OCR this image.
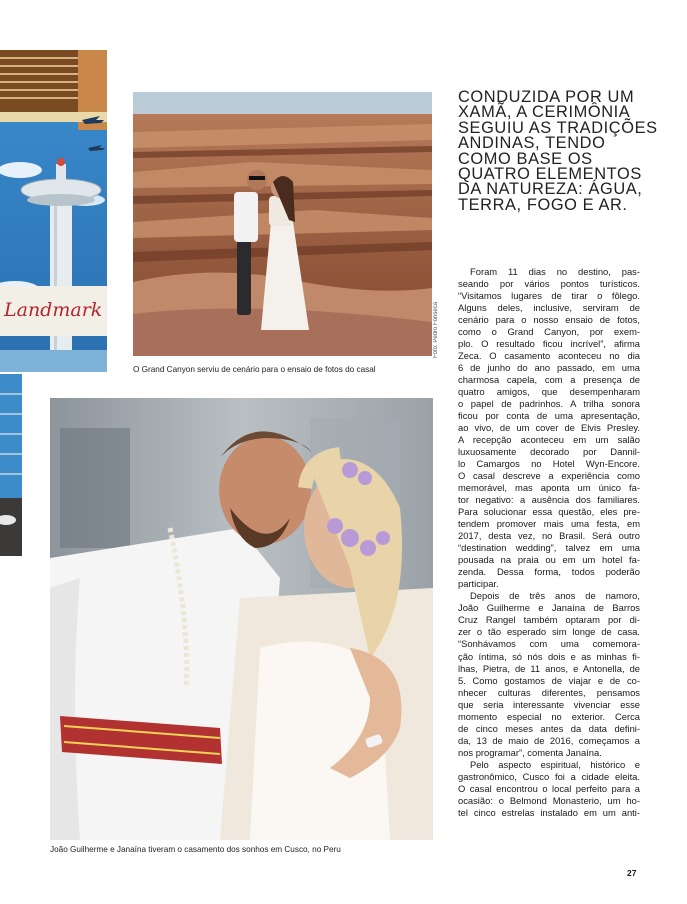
Landmark	Foto: Pedro Fonseca
O Grand Canyon serviu de cenário para o ensaio de fotos do casal
João Guilherme e Janaína tiveram o casamento dos sonhos em Cusco, no Peru
CONDUZIDA POR UM
XAMÃ, A CERIMÔNIA
SEGUIU AS TRADIÇÕES
ANDINAS, TENDO
COMO BASE OS
QUATRO ELEMENTOS
DA NATUREZA: ÁGUA,
TERRA, FOGO E AR.
Foram 11 dias no destino, pas-
seando por vários pontos turísticos.
“Visitamos lugares de tirar o fôlego.
Alguns deles, inclusive, serviram de
cenário para o nosso ensaio de fotos,
como o Grand Canyon, por exem-
plo. O resultado ficou incrível”, afirma
Zeca. O casamento aconteceu no dia
6 de junho do ano passado, em uma
charmosa capela, com a presença de
quatro amigos, que desempenharam
o papel de padrinhos. A trilha sonora
ficou por conta de uma apresentação,
ao vivo, de um cover de Elvis Presley.
A recepção aconteceu em um salão
luxuosamente decorado por Dannil-
lo Camargos no Hotel Wyn-Encore.
O casal descreve a experiência como
memorável, mas aponta um único fa-
tor negativo: a ausência dos familiares.
Para solucionar essa questão, eles pre-
tendem promover mais uma festa, em
2017, desta vez, no Brasil. Será outro
“destination wedding”, talvez em uma
pousada na praia ou em um hotel fa-
zenda. Dessa forma, todos poderão
participar.
Depois de três anos de namoro,
João Guilherme e Janaína de Barros
Cruz Rangel também optaram por di-
zer o tão esperado sim longe de casa.
“Sonhávamos com uma comemora-
ção íntima, só nós dois e as minhas fi-
lhas, Pietra, de 11 anos, e Antonella, de
5. Como gostamos de viajar e de co-
nhecer culturas diferentes, pensamos
que seria interessante vivenciar esse
momento especial no exterior. Cerca
de cinco meses antes da data defini-
da, 13 de maio de 2016, começamos a
nos programar”, comenta Janaína.
Pelo aspecto espiritual, histórico e
gastronômico, Cusco foi a cidade eleita.
O casal encontrou o local perfeito para a
ocasião: o Belmond Monasterio, um ho-
tel cinco estrelas instalado em um anti-
27
